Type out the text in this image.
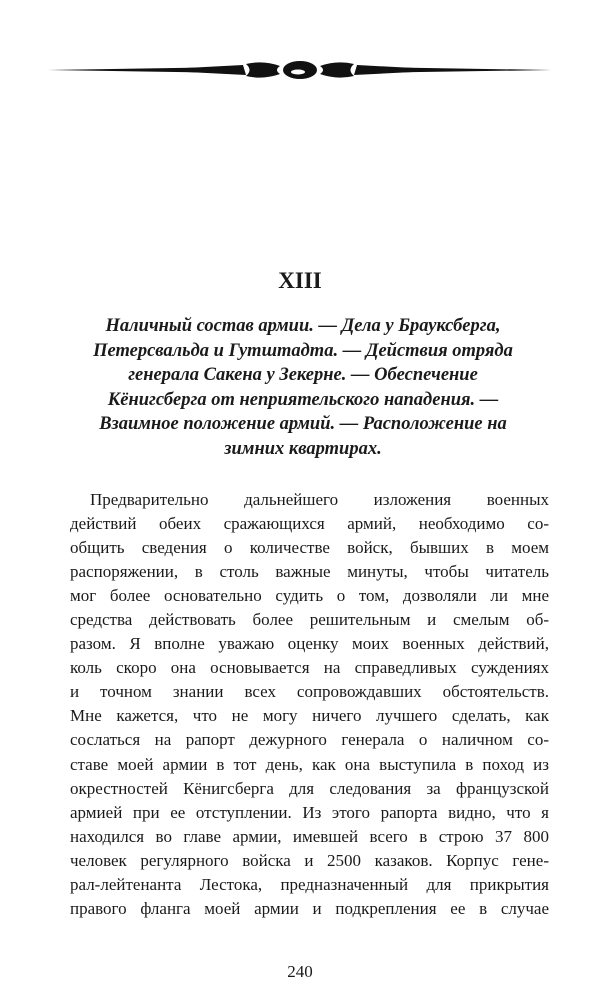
XIII
Наличный состав армии. — Дела у Брауксберга,
Петерсвальда и Гутштадта. — Действия отряда
генерала Сакена у Зекерне. — Обеспечение
Кёнигсберга от неприятельского нападения. —
Взаимное положение армий. — Расположение на
зимних квартирах.
Предварительно дальнейшего изложения военных
действий обеих сражающихся армий, необходимо со-
общить сведения о количестве войск, бывших в моем
распоряжении, в столь важные минуты, чтобы читатель
мог более основательно судить о том, дозволяли ли мне
средства действовать более решительным и смелым об-
разом. Я вполне уважаю оценку моих военных действий,
коль скоро она основывается на справедливых суждениях
и точном знании всех сопровождавших обстоятельств.
Мне кажется, что не могу ничего лучшего сделать, как
сослаться на рапорт дежурного генерала о наличном со-
ставе моей армии в тот день, как она выступила в поход из
окрестностей Кёнигсберга для следования за французской
армией при ее отступлении. Из этого рапорта видно, что я
находился во главе армии, имевшей всего в строю 37 800
человек регулярного войска и 2500 казаков. Корпус гене-
рал-лейтенанта Лестока, предназначенный для прикрытия
правого фланга моей армии и подкрепления ее в случае
240
